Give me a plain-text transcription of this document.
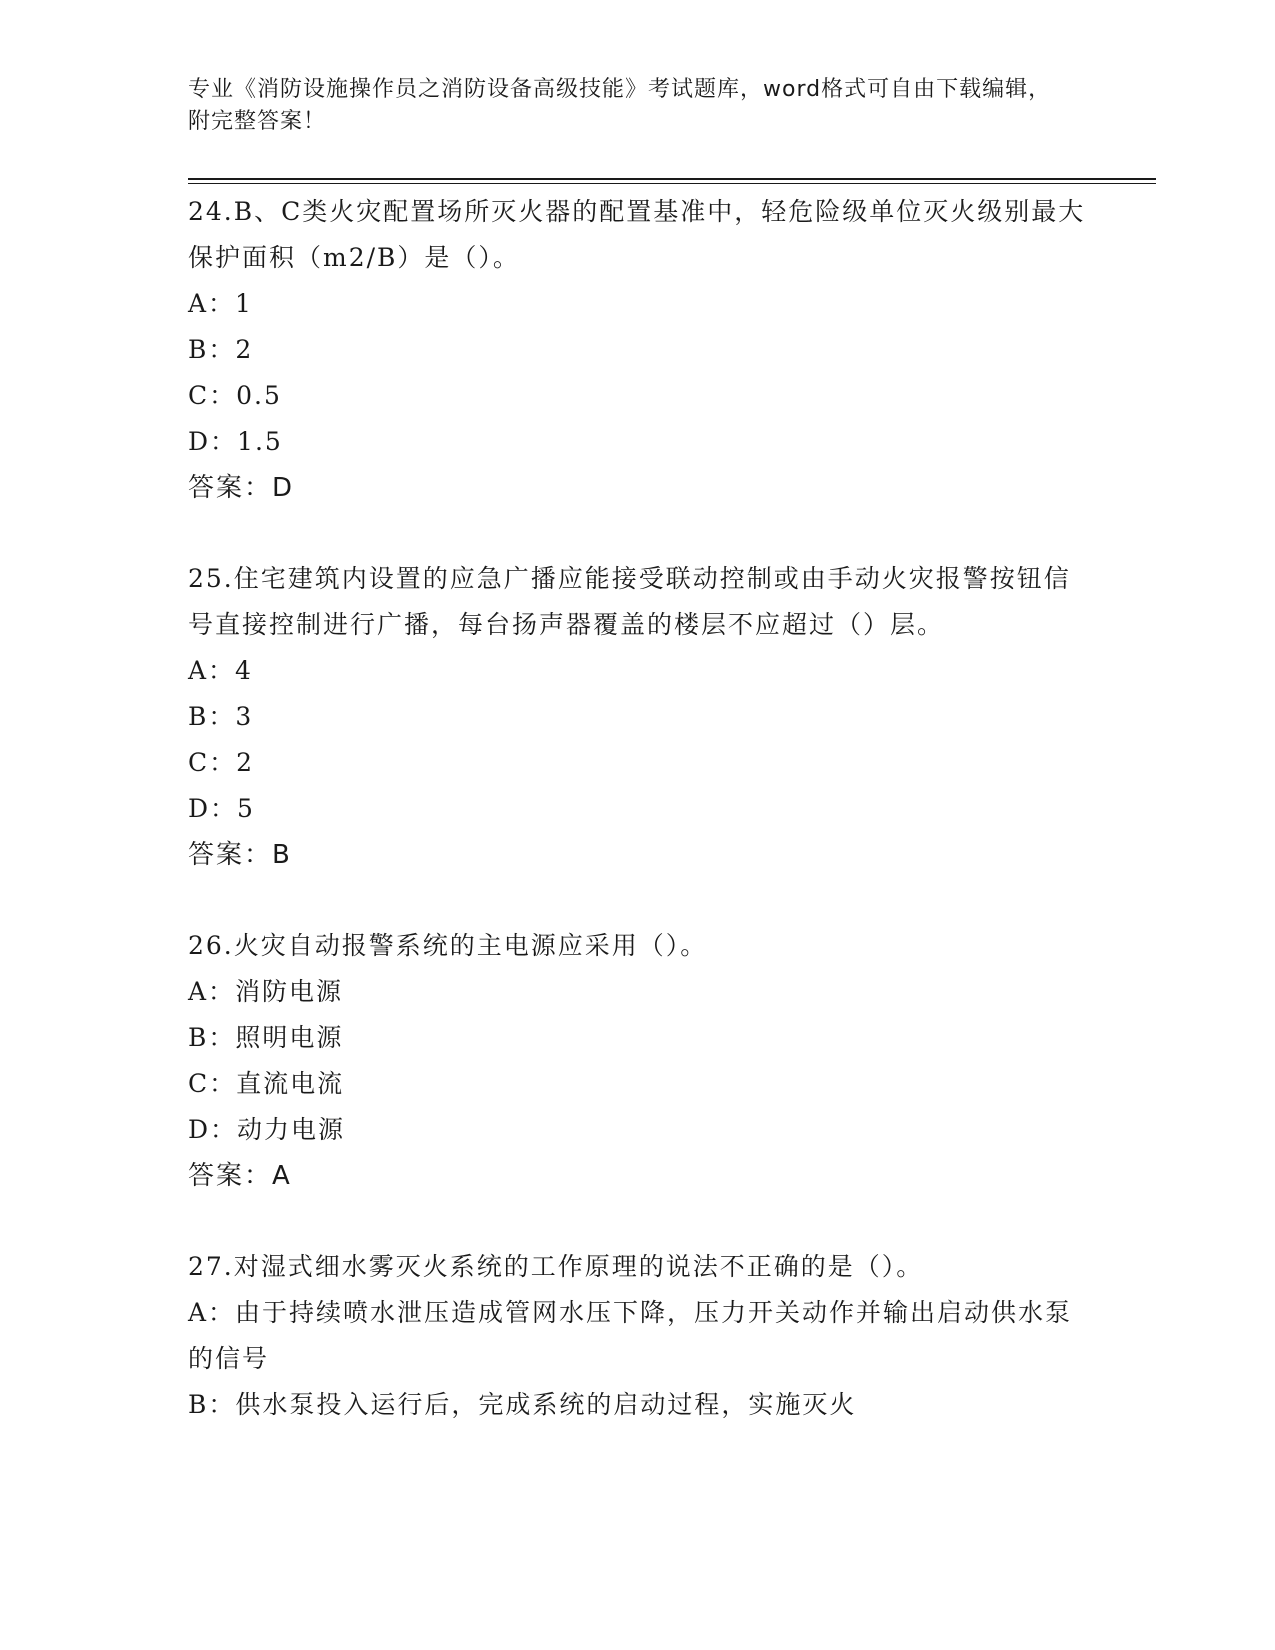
专业《消防设施操作员之消防设备高级技能》考试题库，word格式可自由下载编辑，附完整答案！

24.B、C类火灾配置场所灭火器的配置基准中，轻危险级单位灭火级别最大保护面积（m2/B）是（）。

A：1

B：2

C：0.5

D：1.5

答案：D

25.住宅建筑内设置的应急广播应能接受联动控制或由手动火灾报警按钮信号直接控制进行广播，每台扬声器覆盖的楼层不应超过（）层。

A：4

B：3

C：2

D：5

答案：B

26.火灾自动报警系统的主电源应采用（）。

A：消防电源

B：照明电源

C：直流电流

D：动力电源

答案：A

27.对湿式细水雾灭火系统的工作原理的说法不正确的是（）。

A：由于持续喷水泄压造成管网水压下降，压力开关动作并输出启动供水泵的信号

B：供水泵投入运行后，完成系统的启动过程，实施灭火
